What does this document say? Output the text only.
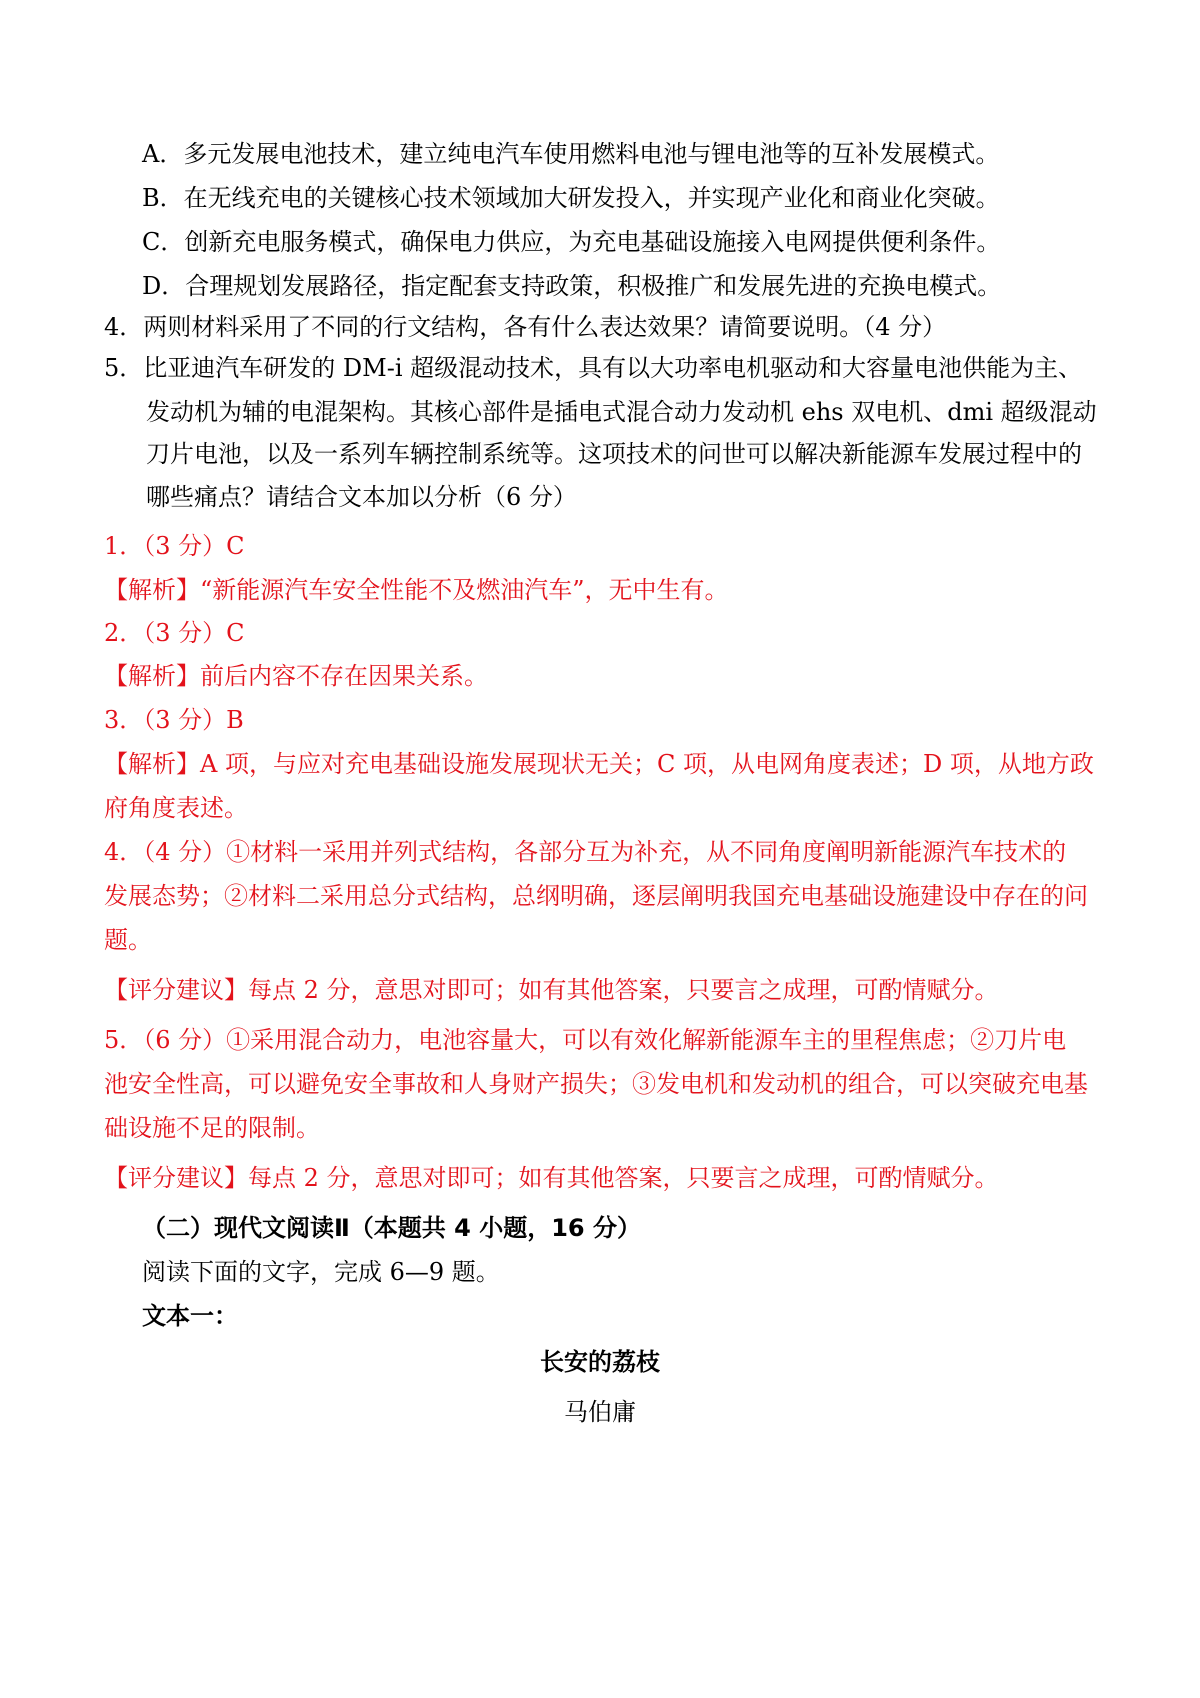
A．多元发展电池技术，建立纯电汽车使用燃料电池与锂电池等的互补发展模式。
B．在无线充电的关键核心技术领域加大研发投入，并实现产业化和商业化突破。
C．创新充电服务模式，确保电力供应，为充电基础设施接入电网提供便利条件。
D．合理规划发展路径，指定配套支持政策，积极推广和发展先进的充换电模式。
4．两则材料采用了不同的行文结构，各有什么表达效果？请简要说明。（4 分）
5．比亚迪汽车研发的 DM-i 超级混动技术，具有以大功率电机驱动和大容量电池供能为主、
发动机为辅的电混架构。其核心部件是插电式混合动力发动机 ehs 双电机、dmi 超级混动
刀片电池，以及一系列车辆控制系统等。这项技术的问世可以解决新能源车发展过程中的
哪些痛点？请结合文本加以分析（6 分）
1．（3 分）C
【解析】“新能源汽车安全性能不及燃油汽车”，无中生有。
2．（3 分）C
【解析】前后内容不存在因果关系。
3．（3 分）B
【解析】A 项，与应对充电基础设施发展现状无关；C 项，从电网角度表述；D 项，从地方政
府角度表述。
4．（4 分）①材料一采用并列式结构，各部分互为补充，从不同角度阐明新能源汽车技术的
发展态势；②材料二采用总分式结构，总纲明确，逐层阐明我国充电基础设施建设中存在的问
题。
【评分建议】每点 2 分，意思对即可；如有其他答案，只要言之成理，可酌情赋分。
5．（6 分）①采用混合动力，电池容量大，可以有效化解新能源车主的里程焦虑；②刀片电
池安全性高，可以避免安全事故和人身财产损失；③发电机和发动机的组合，可以突破充电基
础设施不足的限制。
【评分建议】每点 2 分，意思对即可；如有其他答案，只要言之成理，可酌情赋分。
（二）现代文阅读Ⅱ（本题共 4 小题，16 分）
阅读下面的文字，完成 6—9 题。
文本一：
长安的荔枝
马伯庸
